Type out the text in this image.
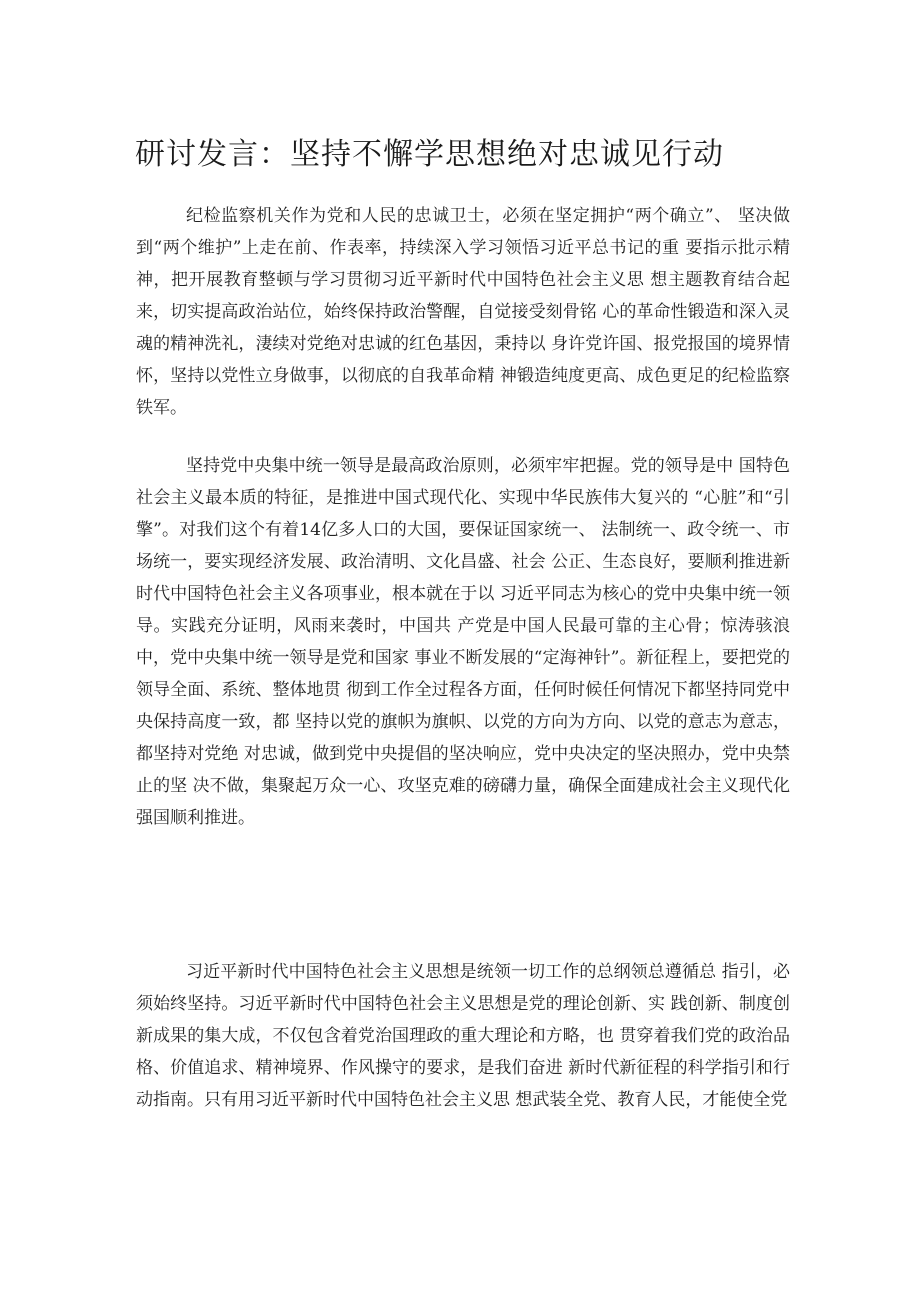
研讨发言：坚持不懈学思想绝对忠诚见行动

纪检监察机关作为党和人民的忠诚卫士，必须在坚定拥护“两个确立”、 坚决做到“两个维护”上走在前、作表率，持续深入学习领悟习近平总书记的重 要指示批示精神，把开展教育整顿与学习贯彻习近平新时代中国特色社会主义思 想主题教育结合起来，切实提高政治站位，始终保持政治警醒，自觉接受刻骨铭 心的革命性锻造和深入灵魂的精神洗礼，淒续对党绝对忠诚的红色基因，秉持以 身许党许国、报党报国的境界情怀，坚持以党性立身做事，以彻底的自我革命精 神锻造纯度更高、成色更足的纪检监察铁军。

坚持党中央集中统一领导是最高政治原则，必须牢牢把握。党的领导是中 国特色社会主义最本质的特征，是推进中国式现代化、实现中华民族伟大复兴的 “心脏”和“引擎”。对我们这个有着14亿多人口的大国，要保证国家统一、 法制统一、政令统一、市场统一，要实现经济发展、政治清明、文化昌盛、社会 公正、生态良好，要顺利推进新时代中国特色社会主义各项事业，根本就在于以 习近平同志为核心的党中央集中统一领导。实践充分证明，风雨来袭时，中国共 产党是中国人民最可靠的主心骨；惊涛骇浪中，党中央集中统一领导是党和国家 事业不断发展的“定海神针”。新征程上，要把党的领导全面、系统、整体地贯 彻到工作全过程各方面，任何时候任何情况下都坚持同党中央保持高度一致，都 坚持以党的旗帜为旗帜、以党的方向为方向、以党的意志为意志，都坚持对党绝 对忠诚，做到党中央提倡的坚决响应，党中央决定的坚决照办，党中央禁止的坚 决不做，集聚起万众一心、攻坚克难的磅礴力量，确保全面建成社会主义现代化强国顺利推进。

习近平新时代中国特色社会主义思想是统领一切工作的总纲领总遵循总 指引，必须始终坚持。习近平新时代中国特色社会主义思想是党的理论创新、实 践创新、制度创新成果的集大成，不仅包含着党治国理政的重大理论和方略，也 贯穿着我们党的政治品格、价值追求、精神境界、作风操守的要求，是我们奋进 新时代新征程的科学指引和行动指南。只有用习近平新时代中国特色社会主义思 想武装全党、教育人民，才能使全党
